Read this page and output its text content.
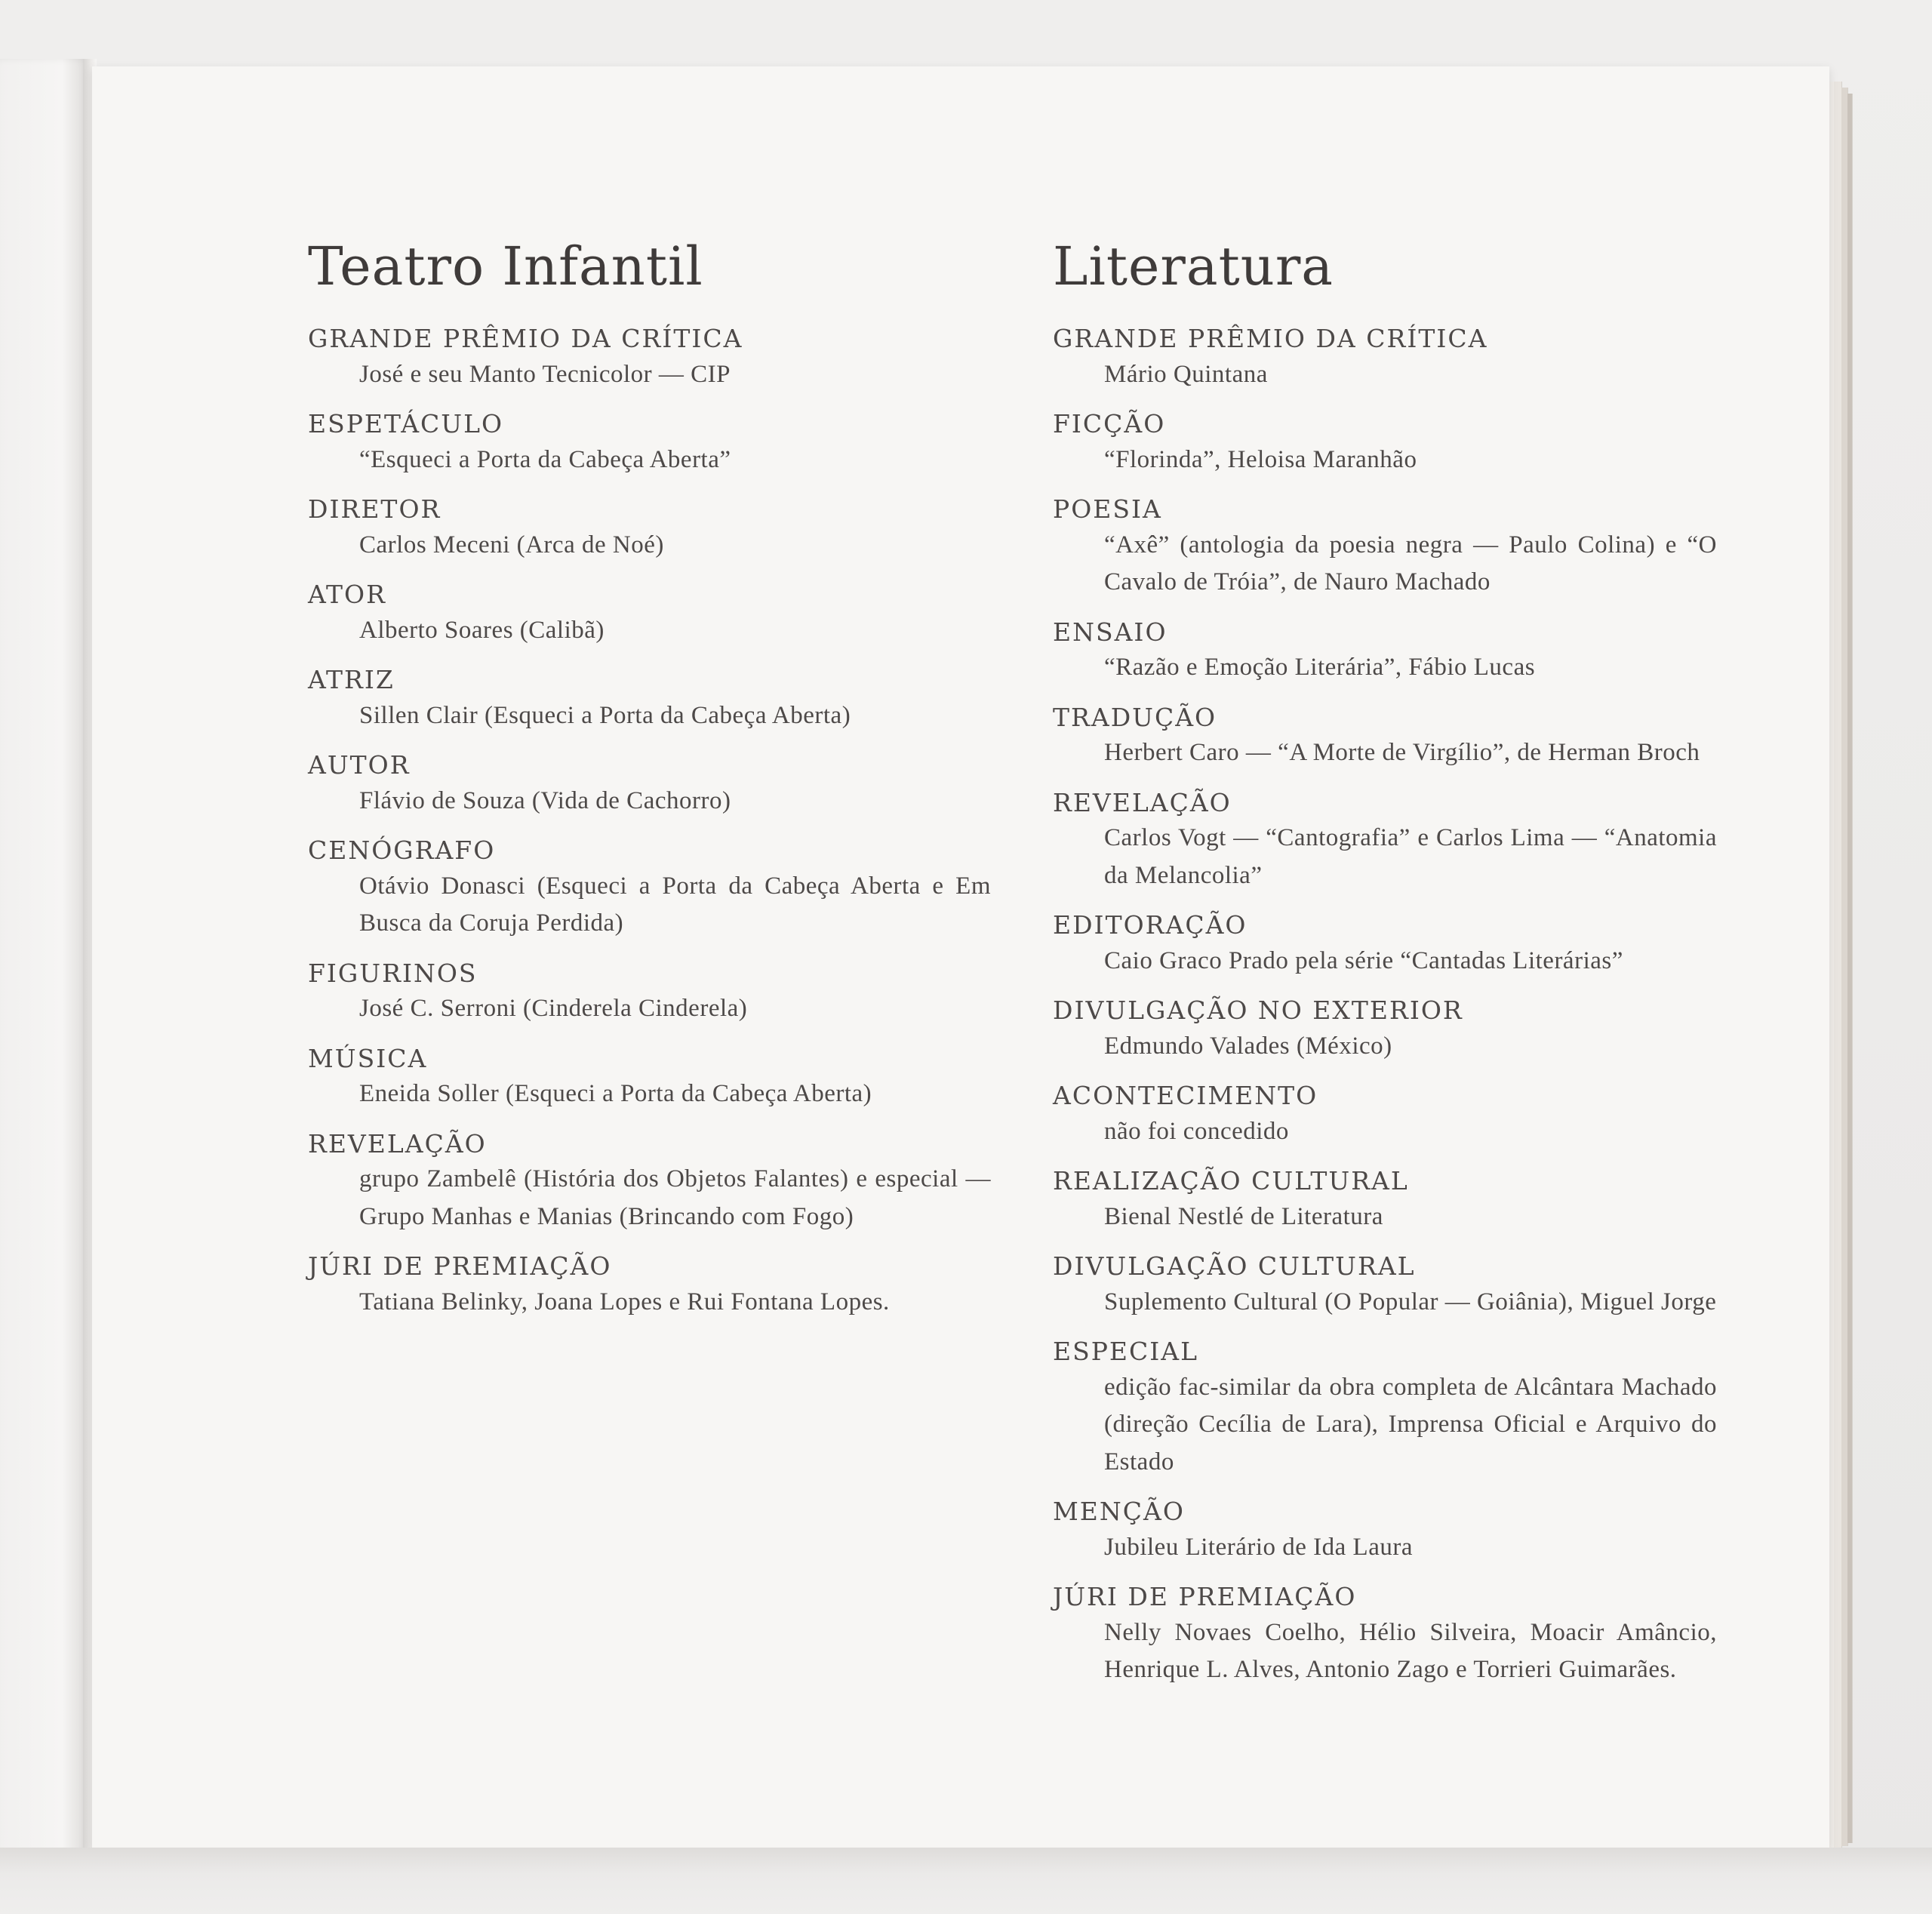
Teatro Infantil
GRANDE PRÊMIO DA CRÍTICA
José e seu Manto Tecnicolor — CIP
ESPETÁCULO
“Esqueci a Porta da Cabeça Aberta”
DIRETOR
Carlos Meceni (Arca de Noé)
ATOR
Alberto Soares (Calibã)
ATRIZ
Sillen Clair (Esqueci a Porta da Cabeça Aberta)
AUTOR
Flávio de Souza (Vida de Cachorro)
CENÓGRAFO
Otávio Donasci (Esqueci a Porta da Cabeça Aberta e Em Busca da Coruja Perdida)
FIGURINOS
José C. Serroni (Cinderela Cinderela)
MÚSICA
Eneida Soller (Esqueci a Porta da Cabeça Aberta)
REVELAÇÃO
grupo Zambelê (História dos Objetos Falantes) e especial — Grupo Manhas e Manias (Brincando com Fogo)
JÚRI DE PREMIAÇÃO
Tatiana Belinky, Joana Lopes e Rui Fontana Lopes.
Literatura
GRANDE PRÊMIO DA CRÍTICA
Mário Quintana
FICÇÃO
“Florinda”, Heloisa Maranhão
POESIA
“Axê” (antologia da poesia negra — Paulo Colina) e “O Cavalo de Tróia”, de Nauro Machado
ENSAIO
“Razão e Emoção Literária”, Fábio Lucas
TRADUÇÃO
Herbert Caro — “A Morte de Virgílio”, de Herman Broch
REVELAÇÃO
Carlos Vogt — “Cantografia” e Carlos Lima — “Anatomia da Melancolia”
EDITORAÇÃO
Caio Graco Prado pela série “Cantadas Literárias”
DIVULGAÇÃO NO EXTERIOR
Edmundo Valades (México)
ACONTECIMENTO
não foi concedido
REALIZAÇÃO CULTURAL
Bienal Nestlé de Literatura
DIVULGAÇÃO CULTURAL
Suplemento Cultural (O Popular — Goiânia), Miguel Jorge
ESPECIAL
edição fac-similar da obra completa de Alcântara Machado (direção Cecília de Lara), Imprensa Oficial e Arquivo do Estado
MENÇÃO
Jubileu Literário de Ida Laura
JÚRI DE PREMIAÇÃO
Nelly Novaes Coelho, Hélio Silveira, Moacir Amâncio, Henrique L. Alves, Antonio Zago e Torrieri Guimarães.
